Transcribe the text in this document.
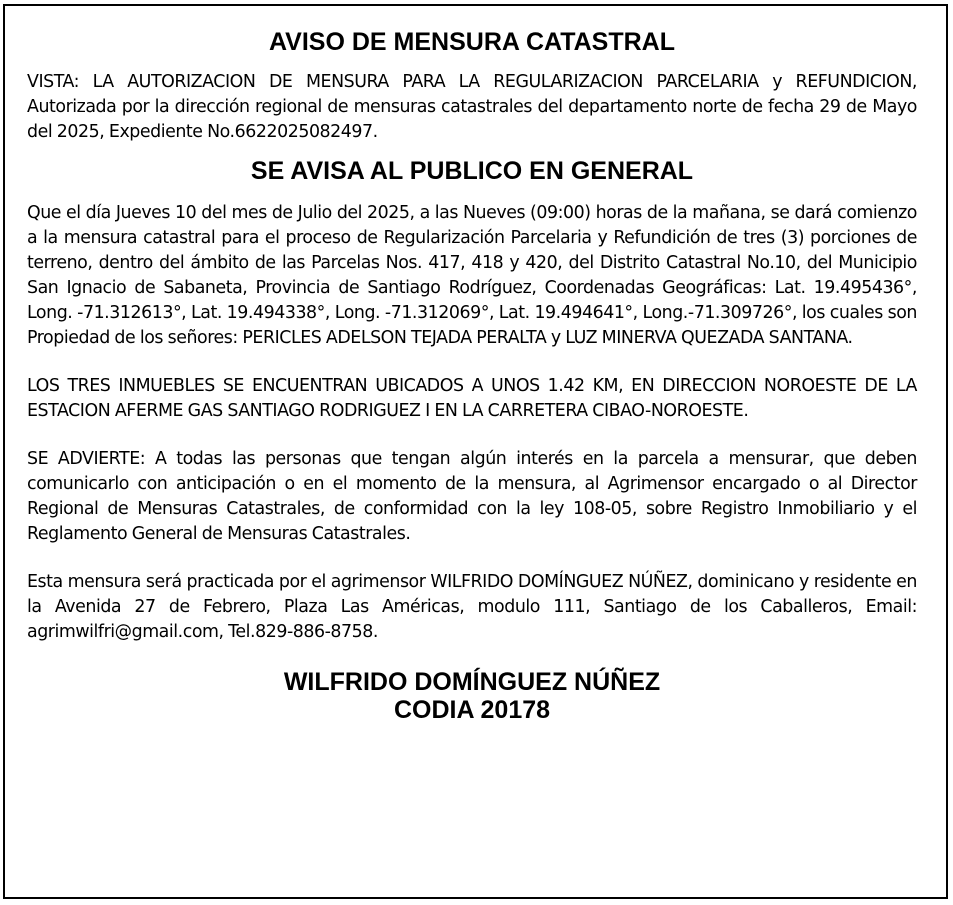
AVISO DE MENSURA CATASTRAL

VISTA: LA AUTORIZACION DE MENSURA PARA LA REGULARIZACION PARCELARIA y REFUNDICION, Autorizada por la dirección regional de mensuras catastrales del departamento norte de fecha 29 de Mayo del 2025, Expediente No.6622025082497.

SE AVISA AL PUBLICO EN GENERAL

Que el día Jueves 10 del mes de Julio del 2025, a las Nueves (09:00) horas de la mañana, se dará comienzo a la mensura catastral para el proceso de Regularización Parcelaria y Refundición de tres (3) porciones de terreno, dentro del ámbito de las Parcelas Nos. 417, 418 y 420, del Distrito Catastral No.10, del Municipio San Ignacio de Sabaneta, Provincia de Santiago Rodríguez, Coordenadas Geográficas: Lat. 19.495436°, Long. -71.312613°, Lat. 19.494338°, Long. -71.312069°, Lat. 19.494641°, Long.-71.309726°, los cuales son Propiedad de los señores: PERICLES ADELSON TEJADA PERALTA y LUZ MINERVA QUEZADA SANTANA.

LOS TRES INMUEBLES SE ENCUENTRAN UBICADOS A UNOS 1.42 KM, EN DIRECCION NOROESTE DE LA ESTACION AFERME GAS SANTIAGO RODRIGUEZ I EN LA CARRETERA CIBAO-NOROESTE.

SE ADVIERTE: A todas las personas que tengan algún interés en la parcela a mensurar, que deben comunicarlo con anticipación o en el momento de la mensura, al Agrimensor encargado o al Director Regional de Mensuras Catastrales, de conformidad con la ley 108-05, sobre Registro Inmobiliario y el Reglamento General de Mensuras Catastrales.

Esta mensura será practicada por el agrimensor WILFRIDO DOMÍNGUEZ NÚÑEZ, dominicano y residente en la Avenida 27 de Febrero, Plaza Las Américas, modulo 111, Santiago de los Caballeros, Email: agrimwilfri@gmail.com, Tel.829-886-8758.

WILFRIDO DOMÍNGUEZ NÚÑEZ
CODIA 20178
